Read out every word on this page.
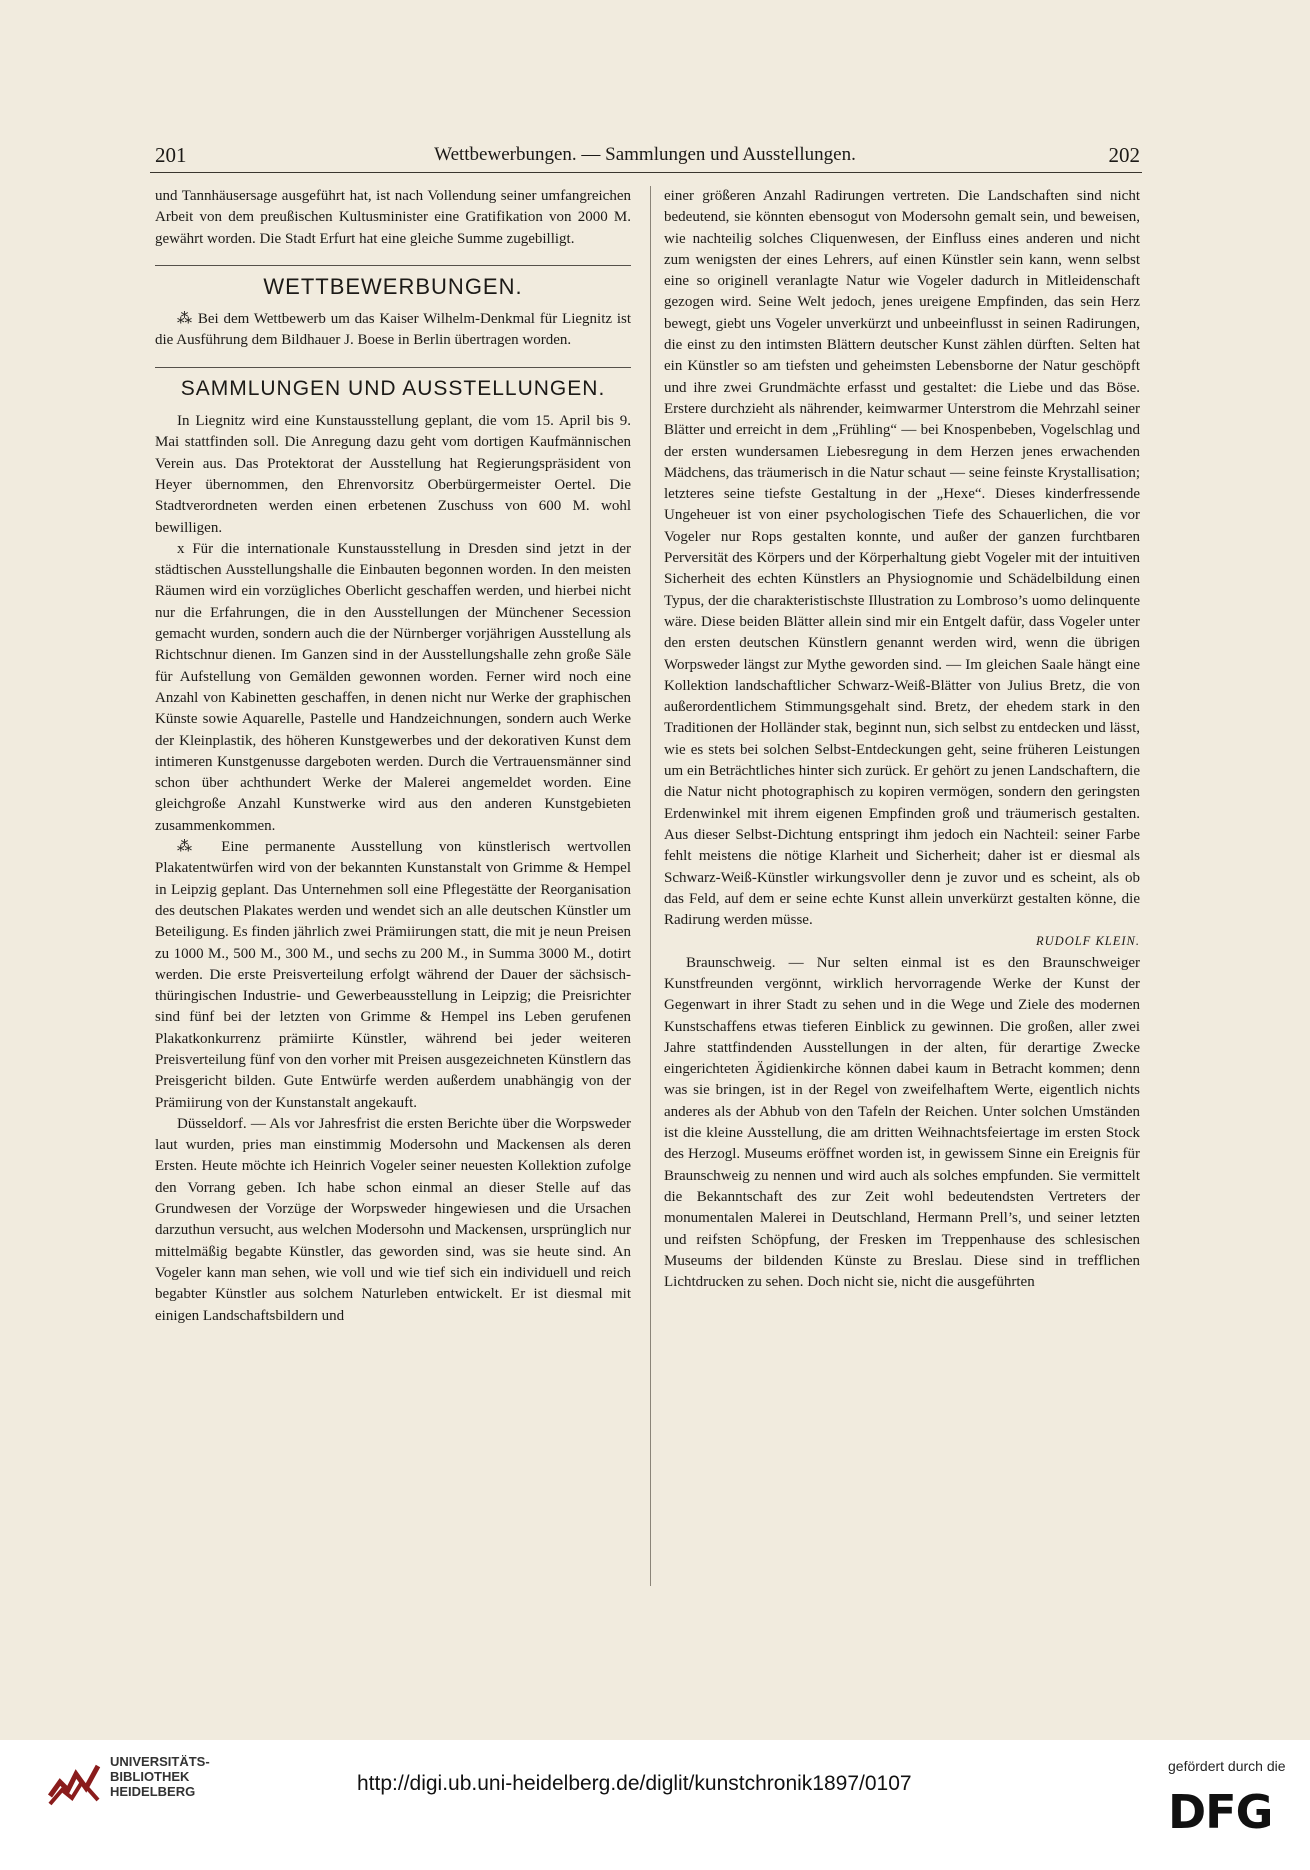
201	Wettbewerbungen. — Sammlungen und Ausstellungen.	202

und Tannhäusersage ausgeführt hat, ist nach Vollendung seiner umfangreichen Arbeit von dem preußischen Kultusminister eine Gratifikation von 2000 M. gewährt worden. Die Stadt Erfurt hat eine gleiche Summe zugebilligt.

WETTBEWERBUNGEN.

⁂ Bei dem Wettbewerb um das Kaiser Wilhelm-Denkmal für Liegnitz ist die Ausführung dem Bildhauer J. Boese in Berlin übertragen worden.

SAMMLUNGEN UND AUSSTELLUNGEN.

In Liegnitz wird eine Kunstausstellung geplant, die vom 15. April bis 9. Mai stattfinden soll. Die Anregung dazu geht vom dortigen Kaufmännischen Verein aus. Das Protektorat der Ausstellung hat Regierungspräsident von Heyer übernommen, den Ehrenvorsitz Oberbürgermeister Oertel. Die Stadtverordneten werden einen erbetenen Zuschuss von 600 M. wohl bewilligen.

x Für die internationale Kunstausstellung in Dresden sind jetzt in der städtischen Ausstellungshalle die Einbauten begonnen worden. In den meisten Räumen wird ein vorzügliches Oberlicht geschaffen werden, und hierbei nicht nur die Erfahrungen, die in den Ausstellungen der Münchener Secession gemacht wurden, sondern auch die der Nürnberger vorjährigen Ausstellung als Richtschnur dienen. Im Ganzen sind in der Ausstellungshalle zehn große Säle für Aufstellung von Gemälden gewonnen worden. Ferner wird noch eine Anzahl von Kabinetten geschaffen, in denen nicht nur Werke der graphischen Künste sowie Aquarelle, Pastelle und Handzeichnungen, sondern auch Werke der Kleinplastik, des höheren Kunstgewerbes und der dekorativen Kunst dem intimeren Kunstgenusse dargeboten werden. Durch die Vertrauensmänner sind schon über achthundert Werke der Malerei angemeldet worden. Eine gleichgroße Anzahl Kunstwerke wird aus den anderen Kunstgebieten zusammenkommen.

⁂ Eine permanente Ausstellung von künstlerisch wertvollen Plakatentwürfen wird von der bekannten Kunstanstalt von Grimme & Hempel in Leipzig geplant. Das Unternehmen soll eine Pflegestätte der Reorganisation des deutschen Plakates werden und wendet sich an alle deutschen Künstler um Beteiligung. Es finden jährlich zwei Prämiirungen statt, die mit je neun Preisen zu 1000 M., 500 M., 300 M., und sechs zu 200 M., in Summa 3000 M., dotirt werden. Die erste Preisverteilung erfolgt während der Dauer der sächsisch-thüringischen Industrie- und Gewerbeausstellung in Leipzig; die Preisrichter sind fünf bei der letzten von Grimme & Hempel ins Leben gerufenen Plakatkonkurrenz prämiirte Künstler, während bei jeder weiteren Preisverteilung fünf von den vorher mit Preisen ausgezeichneten Künstlern das Preisgericht bilden. Gute Entwürfe werden außerdem unabhängig von der Prämiirung von der Kunstanstalt angekauft.

Düsseldorf. — Als vor Jahresfrist die ersten Berichte über die Worpsweder laut wurden, pries man einstimmig Modersohn und Mackensen als deren Ersten. Heute möchte ich Heinrich Vogeler seiner neuesten Kollektion zufolge den Vorrang geben. Ich habe schon einmal an dieser Stelle auf das Grundwesen der Vorzüge der Worpsweder hingewiesen und die Ursachen darzuthun versucht, aus welchen Modersohn und Mackensen, ursprünglich nur mittelmäßig begabte Künstler, das geworden sind, was sie heute sind. An Vogeler kann man sehen, wie voll und wie tief sich ein individuell und reich begabter Künstler aus solchem Naturleben entwickelt. Er ist diesmal mit einigen Landschaftsbildern und

einer größeren Anzahl Radirungen vertreten. Die Landschaften sind nicht bedeutend, sie könnten ebensogut von Modersohn gemalt sein, und beweisen, wie nachteilig solches Cliquenwesen, der Einfluss eines anderen und nicht zum wenigsten der eines Lehrers, auf einen Künstler sein kann, wenn selbst eine so originell veranlagte Natur wie Vogeler dadurch in Mitleidenschaft gezogen wird. Seine Welt jedoch, jenes ureigene Empfinden, das sein Herz bewegt, giebt uns Vogeler unverkürzt und unbeeinflusst in seinen Radirungen, die einst zu den intimsten Blättern deutscher Kunst zählen dürften. Selten hat ein Künstler so am tiefsten und geheimsten Lebensborne der Natur geschöpft und ihre zwei Grundmächte erfasst und gestaltet: die Liebe und das Böse. Erstere durchzieht als nährender, keimwarmer Unterstrom die Mehrzahl seiner Blätter und erreicht in dem „Frühling“ — bei Knospenbeben, Vogelschlag und der ersten wundersamen Liebesregung in dem Herzen jenes erwachenden Mädchens, das träumerisch in die Natur schaut — seine feinste Krystallisation; letzteres seine tiefste Gestaltung in der „Hexe“. Dieses kinderfressende Ungeheuer ist von einer psychologischen Tiefe des Schauerlichen, die vor Vogeler nur Rops gestalten konnte, und außer der ganzen furchtbaren Perversität des Körpers und der Körperhaltung giebt Vogeler mit der intuitiven Sicherheit des echten Künstlers an Physiognomie und Schädelbildung einen Typus, der die charakteristischste Illustration zu Lombroso’s uomo delinquente wäre. Diese beiden Blätter allein sind mir ein Entgelt dafür, dass Vogeler unter den ersten deutschen Künstlern genannt werden wird, wenn die übrigen Worpsweder längst zur Mythe geworden sind. — Im gleichen Saale hängt eine Kollektion landschaftlicher Schwarz-Weiß-Blätter von Julius Bretz, die von außerordentlichem Stimmungsgehalt sind. Bretz, der ehedem stark in den Traditionen der Holländer stak, beginnt nun, sich selbst zu entdecken und lässt, wie es stets bei solchen Selbst-Entdeckungen geht, seine früheren Leistungen um ein Beträchtliches hinter sich zurück. Er gehört zu jenen Landschaftern, die die Natur nicht photographisch zu kopiren vermögen, sondern den geringsten Erdenwinkel mit ihrem eigenen Empfinden groß und träumerisch gestalten. Aus dieser Selbst-Dichtung entspringt ihm jedoch ein Nachteil: seiner Farbe fehlt meistens die nötige Klarheit und Sicherheit; daher ist er diesmal als Schwarz-Weiß-Künstler wirkungsvoller denn je zuvor und es scheint, als ob das Feld, auf dem er seine echte Kunst allein unverkürzt gestalten könne, die Radirung werden müsse.

RUDOLF KLEIN.

Braunschweig. — Nur selten einmal ist es den Braunschweiger Kunstfreunden vergönnt, wirklich hervorragende Werke der Kunst der Gegenwart in ihrer Stadt zu sehen und in die Wege und Ziele des modernen Kunstschaffens etwas tieferen Einblick zu gewinnen. Die großen, aller zwei Jahre stattfindenden Ausstellungen in der alten, für derartige Zwecke eingerichteten Ägidienkirche können dabei kaum in Betracht kommen; denn was sie bringen, ist in der Regel von zweifelhaftem Werte, eigentlich nichts anderes als der Abhub von den Tafeln der Reichen. Unter solchen Umständen ist die kleine Ausstellung, die am dritten Weihnachtsfeiertage im ersten Stock des Herzogl. Museums eröffnet worden ist, in gewissem Sinne ein Ereignis für Braunschweig zu nennen und wird auch als solches empfunden. Sie vermittelt die Bekanntschaft des zur Zeit wohl bedeutendsten Vertreters der monumentalen Malerei in Deutschland, Hermann Prell’s, und seiner letzten und reifsten Schöpfung, der Fresken im Treppenhause des schlesischen Museums der bildenden Künste zu Breslau. Diese sind in trefflichen Lichtdrucken zu sehen. Doch nicht sie, nicht die ausgeführten

UNIVERSITÄTS-
BIBLIOTHEK
HEIDELBERG	http://digi.ub.uni-heidelberg.de/diglit/kunstchronik1897/0107
gefördert durch die
DFG
